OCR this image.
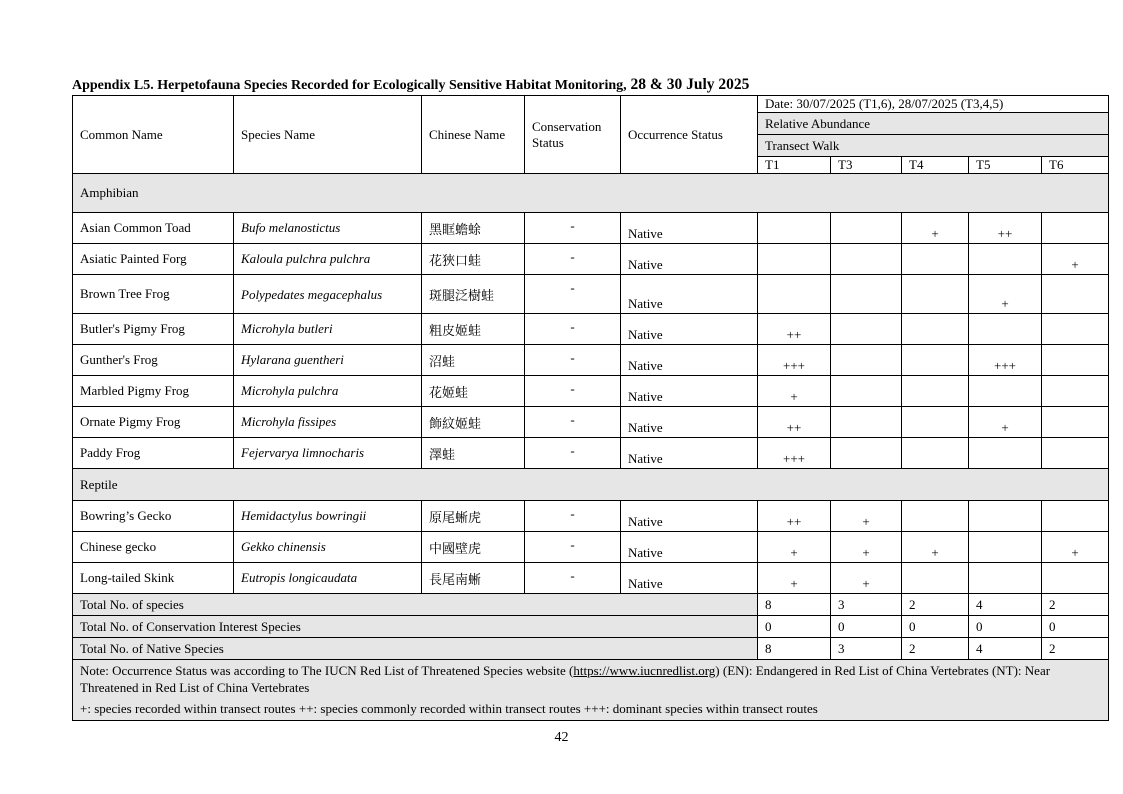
Appendix L5. Herpetofauna Species Recorded for Ecologically Sensitive Habitat Monitoring, 28 & 30 July 2025
Common Name	Species Name	Chinese Name	Conservation Status	Occurrence Status	Date: 30/07/2025 (T1,6), 28/07/2025 (T3,4,5)				
					Relative Abundance				
					Transect Walk				
					T1	T3	T4	T5	T6
Amphibian									
Asian Common Toad	Bufo melanostictus	黑眶蟾蜍	-	Native			+	++	
Asiatic Painted Forg	Kaloula pulchra pulchra	花狹口蛙	-	Native					+
Brown Tree Frog	Polypedates megacephalus	斑腿泛樹蛙	-	Native				+	
Butler's Pigmy Frog	Microhyla butleri	粗皮姬蛙	-	Native	++				
Gunther's Frog	Hylarana guentheri	沼蛙	-	Native	+++			+++	
Marbled Pigmy Frog	Microhyla pulchra	花姬蛙	-	Native	+				
Ornate Pigmy Frog	Microhyla fissipes	飾紋姬蛙	-	Native	++			+	
Paddy Frog	Fejervarya limnocharis	澤蛙	-	Native	+++				
Reptile									
Bowring’s Gecko	Hemidactylus bowringii	原尾蜥虎	-	Native	++	+			
Chinese gecko	Gekko chinensis	中國壁虎	-	Native	+	+	+		+
Long-tailed Skink	Eutropis longicaudata	長尾南蜥	-	Native	+	+			
Total No. of species					8	3	2	4	2
Total No. of Conservation Interest Species					0	0	0	0	0
Total No. of Native Species					8	3	2	4	2

Note: Occurrence Status was according to The IUCN Red List of Threatened Species website (https://www.iucnredlist.org) (EN): Endangered in Red List of China Vertebrates (NT): Near Threatened in Red List of China Vertebrates
+: species recorded within transect routes ++: species commonly recorded within transect routes +++: dominant species within transect routes									
42
